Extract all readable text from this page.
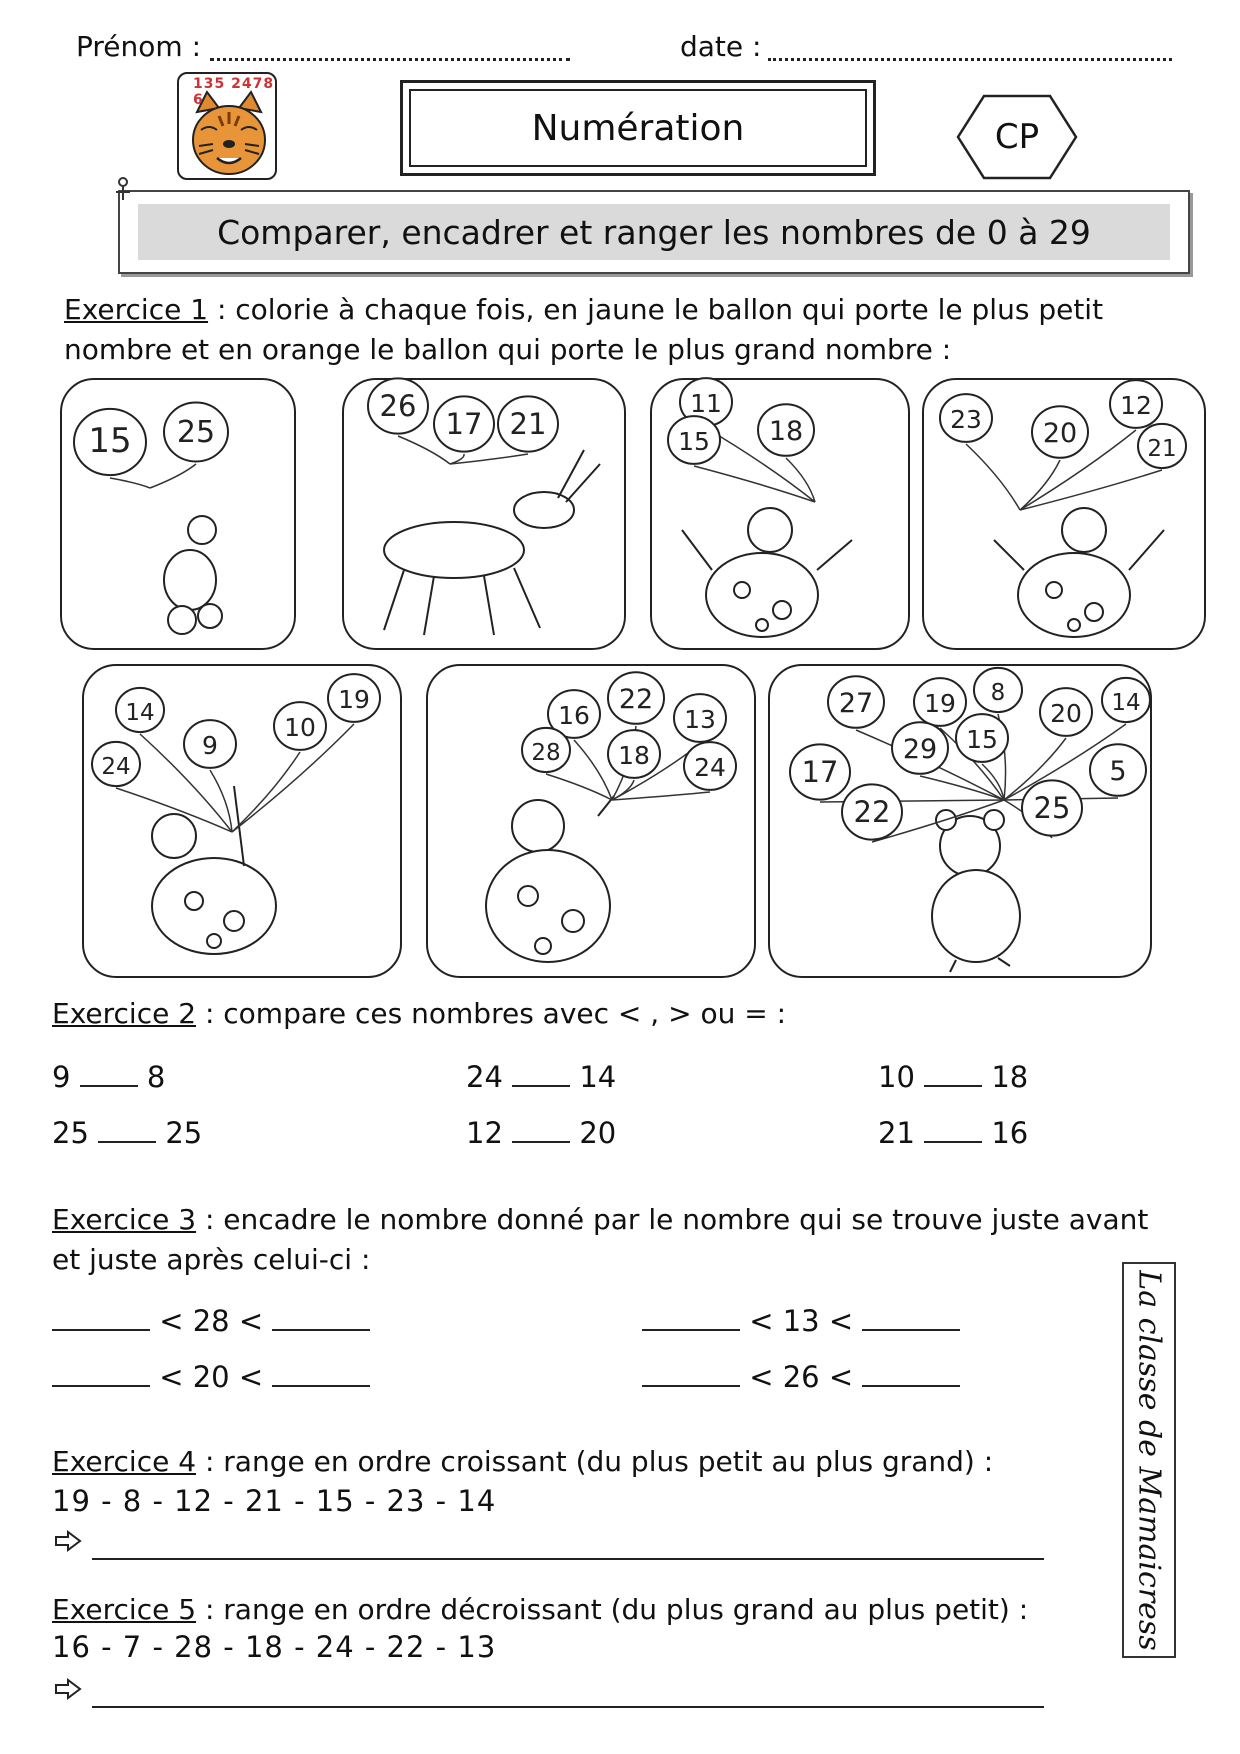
Prénom :	date :
135 2478 6
Numération	CP
Comparer, encadrer et ranger les nombres de 0 à 29
Exercice 1 : colorie à chaque fois, en jaune le ballon qui porte le plus petit
nombre et en orange le ballon qui porte le plus grand nombre :
15 25
26
17 21
11
15 18	23 20
12
21
14
24
9
10
19
16
22
13
28 18 24
27 19 8
20 14
29 15
17	5
22	25
Exercice 2 : compare ces nombres avec < , > ou = :
9	8	24	14	10	18
25	25	12	20	21	16
Exercice 3 : encadre le nombre donné par le nombre qui se trouve juste avant
et juste après celui-ci :
< 28 <	< 13 <
< 20 <	< 26 <
Exercice 4 : range en ordre croissant (du plus petit au plus grand) :
19 - 8 - 12 - 21 - 15 - 23 - 14
Exercice 5 : range en ordre décroissant (du plus grand au plus petit) :
16 - 7 - 28 - 18 - 24 - 22 - 13	La classe de Mamaicress
